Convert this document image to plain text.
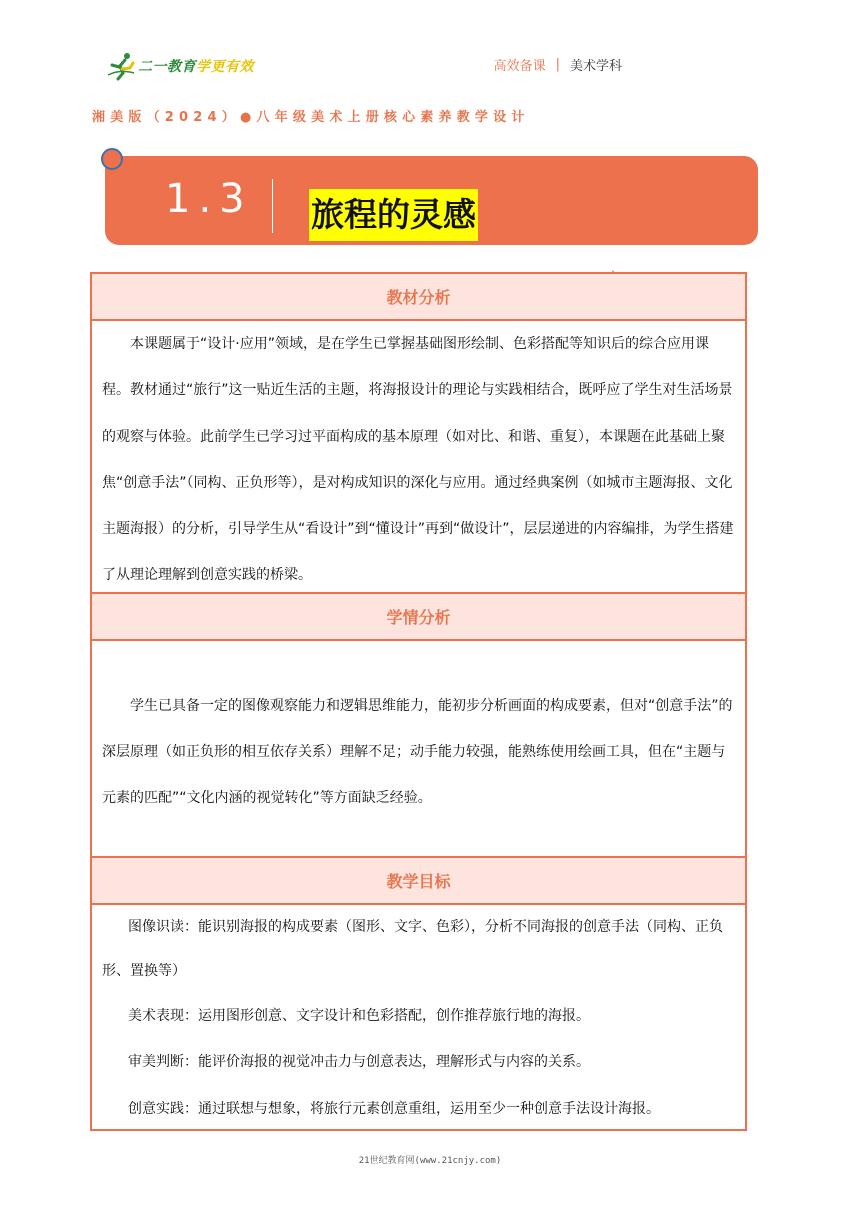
二一教育学更有效	高效备课 | 美术学科
湘美版（2024）●八年级美术上册核心素养教学设计
1.3 旅程的灵感
教材分析

本课题属于“设计·应用”领域，是在学生已掌握基础图形绘制、色彩搭配等知识后的综合应用课程。教材通过“旅行”这一贴近生活的主题，将海报设计的理论与实践相结合，既呼应了学生对生活场景的观察与体验。此前学生已学习过平面构成的基本原理（如对比、和谐、重复），本课题在此基础上聚焦“创意手法”（同构、正负形等），是对构成知识的深化与应用。通过经典案例（如城市主题海报、文化主题海报）的分析，引导学生从“看设计”到“懂设计”再到“做设计”，层层递进的内容编排，为学生搭建了从理论理解到创意实践的桥梁。

学情分析

学生已具备一定的图像观察能力和逻辑思维能力，能初步分析画面的构成要素，但对“创意手法”的深层原理（如正负形的相互依存关系）理解不足；动手能力较强，能熟练使用绘画工具，但在“主题与元素的匹配”“文化内涵的视觉转化”等方面缺乏经验。

教学目标

图像识读：能识别海报的构成要素（图形、文字、色彩），分析不同海报的创意手法（同构、正负形、置换等）

美术表现：运用图形创意、文字设计和色彩搭配，创作推荐旅行地的海报。

审美判断：能评价海报的视觉冲击力与创意表达，理解形式与内容的关系。

创意实践：通过联想与想象，将旅行元素创意重组，运用至少一种创意手法设计海报。

21世纪教育网(www.21cnjy.com)
